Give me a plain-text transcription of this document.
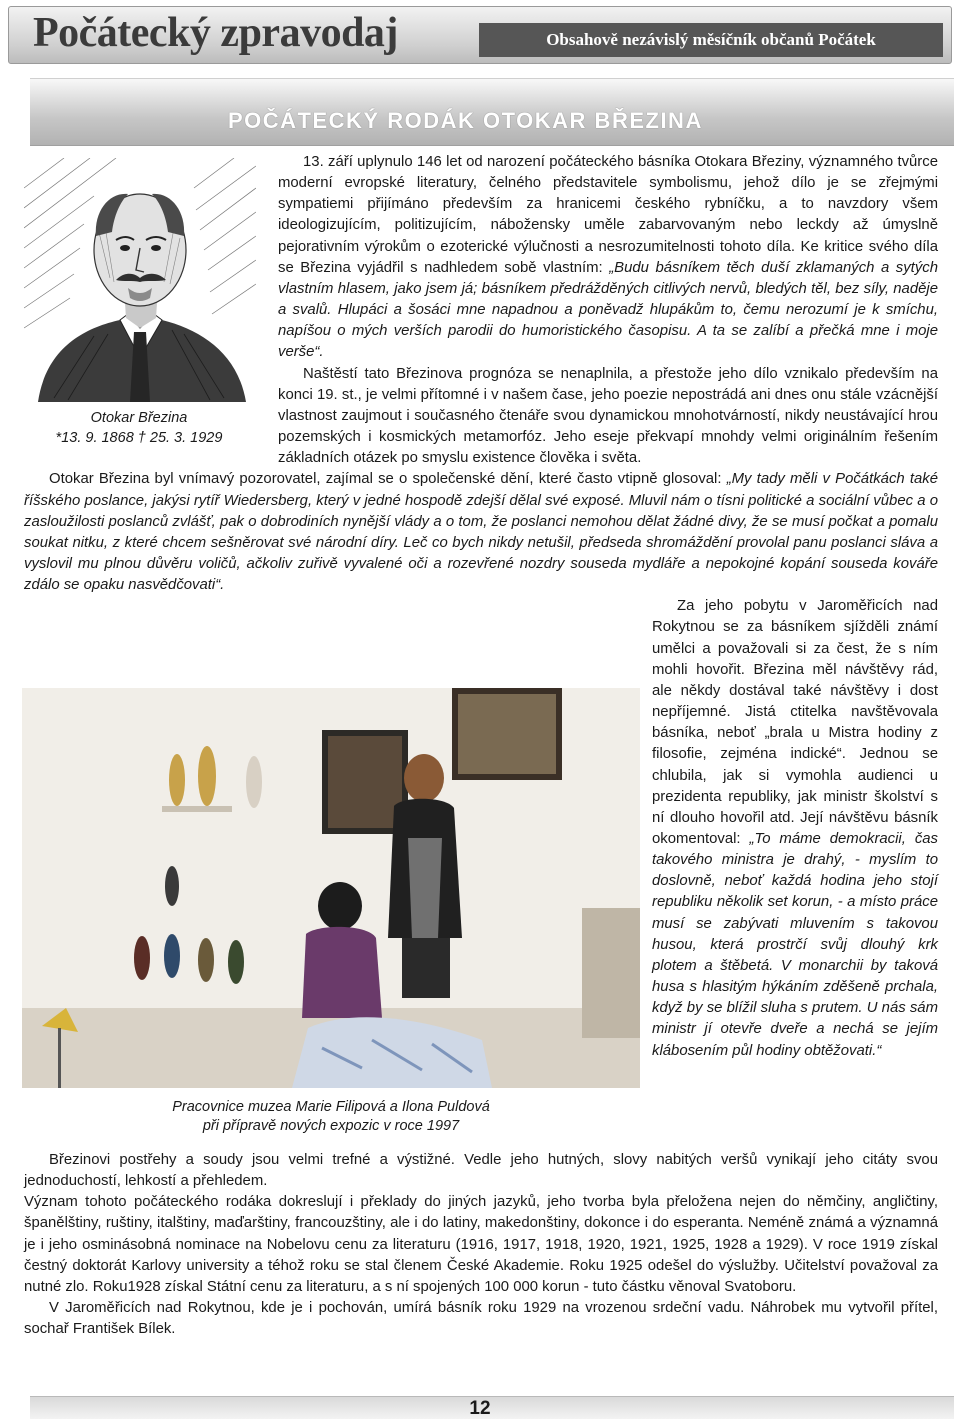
Počátecký zpravodaj	Obsahově nezávislý měsíčník občanů Počátek
POČÁTECKÝ RODÁK OTOKAR BŘEZINA
Otokar Březina
*13. 9. 1868 † 25. 3. 1929
Pracovnice muzea Marie Filipová a Ilona Puldová
při přípravě nových expozic v roce 1997

13. září uplynulo 146 let od narození počáteckého básníka Otokara Březiny, významného tvůrce moderní evropské literatury, čelného představitele symbolismu, jehož dílo je se zřejmými sympatiemi přijímáno především za hranicemi českého rybníčku, a to navzdory všem ideologizujícím, politizujícím, nábožensky uměle zabarvovaným nebo leckdy až úmyslně pejorativním výrokům o ezoterické výlučnosti a nesrozumitelnosti tohoto díla. Ke kritice svého díla se Březina vyjádřil s nadhledem sobě vlastním: „Budu básníkem těch duší zklamaných a sytých vlastním hlasem, jako jsem já; básníkem předrážděných citlivých nervů, bledých těl, bez síly, naděje a svalů. Hlupáci a šosáci mne napadnou a poněvadž hlupákům to, čemu nerozumí je k smíchu, napíšou o mých verších parodii do humoristického časopisu. A ta se zalíbí a přečká mne i moje verše“.

Naštěstí tato Březinova prognóza se nenaplnila, a přestože jeho dílo vznikalo především na konci 19. st., je velmi přítomné i v našem čase, jeho poezie nepostrádá ani dnes onu stále vzácnější vlastnost zaujmout i současného čtenáře svou dynamickou mnohotvárností, nikdy neustávající hrou pozemských i kosmických metamorfóz. Jeho eseje překvapí mnohdy velmi originálním řešením základních otázek po smyslu existence člověka i světa.

Otokar Březina byl vnímavý pozorovatel, zajímal se o společenské dění, které často vtipně glosoval: „My tady měli v Počátkách také říšského poslance, jakýsi rytíř Wiedersberg, který v jedné hospodě zdejší dělal své exposé. Mluvil nám o tísni politické a sociální vůbec a o zasloužilosti poslanců zvlášť, pak o dobrodiních nynější vlády a o tom, že poslanci nemohou dělat žádné divy, že se musí počkat a pomalu soukat nitku, z které chcem sešněrovat své národní díry. Leč co bych nikdy netušil, předseda shromáždění provolal panu poslanci sláva a vyslovil mu plnou důvěru voličů, ačkoliv zuřivě vyvalené oči a rozevřené nozdry souseda mydláře a nepokojné kopání souseda kováře zdálo se opaku nasvědčovati“.

Za jeho pobytu v Jaroměřicích nad Rokytnou se za básníkem sjížděli známí umělci a považovali si za čest, že s ním mohli hovořit. Březina měl návštěvy rád, ale někdy dostával také návštěvy i dost nepříjemné. Jistá ctitelka navštěvovala básníka, neboť „brala u Mistra hodiny z filosofie, zejména indické“. Jednou se chlubila, jak si vymohla audienci u prezidenta republiky, jak ministr školství s ní dlouho hovořil atd. Její návštěvu básník okomentoval: „To máme demokracii, čas takového ministra je drahý, - myslím to doslovně, neboť každá hodina jeho stojí republiku několik set korun, - a místo práce musí se zabývati mluvením s takovou husou, která prostrčí svůj dlouhý krk plotem a štěbetá. V monarchii by taková husa s hlasitým hýkáním zděšeně prchala, když by se blížil sluha s prutem. U nás sám ministr jí otevře dveře a nechá se jejím klábosením půl hodiny obtěžovati.“

Březinovi postřehy a soudy jsou velmi trefné a výstižné. Vedle jeho hutných, slovy nabitých veršů vynikají jeho citáty svou jednoduchostí, lehkostí a přehledem.

Význam tohoto počáteckého rodáka dokreslují i překlady do jiných jazyků, jeho tvorba byla přeložena nejen do němčiny, angličtiny, španělštiny, ruštiny, italštiny, maďarštiny, francouzštiny, ale i do latiny, makedonštiny, dokonce i do esperanta. Neméně známá a významná je i jeho osminásobná nominace na Nobelovu cenu za literaturu (1916, 1917, 1918, 1920, 1921, 1925, 1928 a 1929). V roce 1919 získal čestný doktorát Karlovy university a téhož roku se stal členem České Akademie. Roku 1925 odešel do výslužby. Učitelství považoval za nutné zlo. Roku1928 získal Státní cenu za literaturu, a s ní spojených 100 000 korun - tuto částku věnoval Svatoboru.

V Jaroměřicích nad Rokytnou, kde je i pochován, umírá básník roku 1929 na vrozenou srdeční vadu. Náhrobek mu vytvořil přítel, sochař František Bílek.

12
